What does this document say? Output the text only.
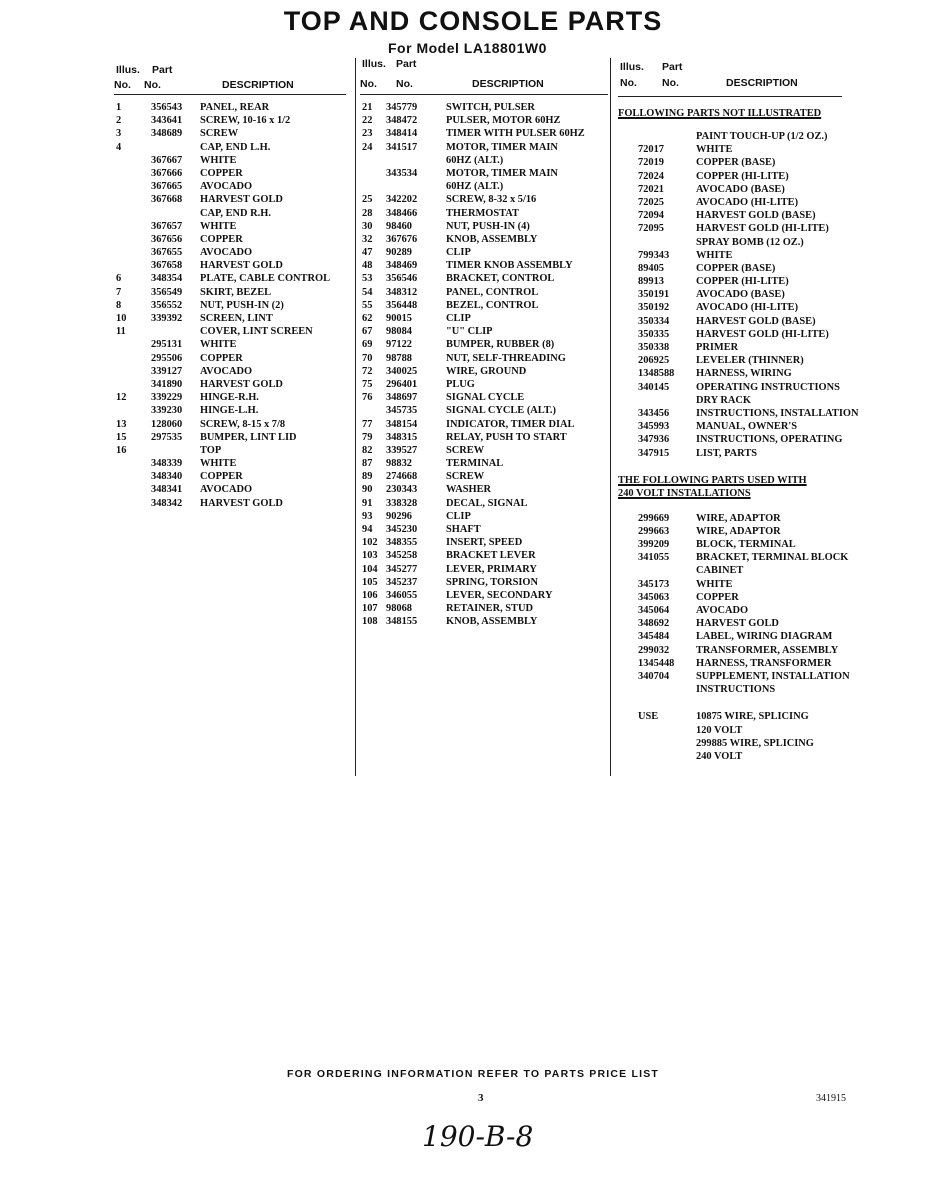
TOP AND CONSOLE PARTS
For Model LA18801W0
Illus. Part
No. No.	DESCRIPTION
1	356543 PANEL, REAR
2	343641 SCREW, 10-16 x 1/2
3	348689 SCREW
4	CAP, END L.H.
367667 WHITE
367666 COPPER
367665 AVOCADO
367668 HARVEST GOLD
CAP, END R.H.
367657 WHITE
367656 COPPER
367655 AVOCADO
367658 HARVEST GOLD
6	348354 PLATE, CABLE CONTROL
7	356549 SKIRT, BEZEL
8	356552 NUT, PUSH-IN (2)
10 339392 SCREEN, LINT
11	COVER, LINT SCREEN
295131 WHITE
295506 COPPER
339127 AVOCADO
341890 HARVEST GOLD
12 339229 HINGE-R.H.
339230 HINGE-L.H.
13 128060 SCREW, 8-15 x 7/8
15 297535 BUMPER, LINT LID
16	TOP
348339 WHITE
348340 COPPER
348341 AVOCADO
348342 HARVEST GOLD
Illus. Part
No. No.	DESCRIPTION
21 345779	SWITCH, PULSER
22 348472	PULSER, MOTOR 60HZ
23 348414	TIMER WITH PULSER 60HZ
24 341517	MOTOR, TIMER MAIN
60HZ (ALT.)
343534	MOTOR, TIMER MAIN
60HZ (ALT.)
25 342202	SCREW, 8-32 x 5/16
28 348466	THERMOSTAT
30 98460	NUT, PUSH-IN (4)
32 367676	KNOB, ASSEMBLY
47 90289	CLIP
48 348469	TIMER KNOB ASSEMBLY
53 356546	BRACKET, CONTROL
54 348312	PANEL, CONTROL
55 356448	BEZEL, CONTROL
62 90015	CLIP
67 98084	"U" CLIP
69 97122	BUMPER, RUBBER (8)
70 98788	NUT, SELF-THREADING
72 340025	WIRE, GROUND
75 296401	PLUG
76 348697	SIGNAL CYCLE
345735	SIGNAL CYCLE (ALT.)
77 348154	INDICATOR, TIMER DIAL
79 348315	RELAY, PUSH TO START
82 339527	SCREW
87 98832	TERMINAL
89 274668	SCREW
90 230343	WASHER
91 338328	DECAL, SIGNAL
93 90296	CLIP
94 345230	SHAFT
102 348355	INSERT, SPEED
103 345258	BRACKET LEVER
104 345277	LEVER, PRIMARY
105 345237	SPRING, TORSION
106 346055	LEVER, SECONDARY
107 98068	RETAINER, STUD
108 348155	KNOB, ASSEMBLY
Illus. Part
No. No.	DESCRIPTION
FOLLOWING PARTS NOT ILLUSTRATED
PAINT TOUCH-UP (1/2 OZ.)
72017	WHITE
72019	COPPER (BASE)
72024	COPPER (HI-LITE)
72021	AVOCADO (BASE)
72025	AVOCADO (HI-LITE)
72094	HARVEST GOLD (BASE)
72095	HARVEST GOLD (HI-LITE)
SPRAY BOMB (12 OZ.)
799343	WHITE
89405	COPPER (BASE)
89913	COPPER (HI-LITE)
350191	AVOCADO (BASE)
350192	AVOCADO (HI-LITE)
350334	HARVEST GOLD (BASE)
350335	HARVEST GOLD (HI-LITE)
350338	PRIMER
206925	LEVELER (THINNER)
1348588 HARNESS, WIRING
340145	OPERATING INSTRUCTIONS
DRY RACK
343456	INSTRUCTIONS, INSTALLATION
345993	MANUAL, OWNER'S
347936	INSTRUCTIONS, OPERATING
347915	LIST, PARTS
THE FOLLOWING PARTS USED WITH
240 VOLT INSTALLATIONS
299669	WIRE, ADAPTOR
299663	WIRE, ADAPTOR
399209	BLOCK, TERMINAL
341055	BRACKET, TERMINAL BLOCK
CABINET
345173	WHITE
345063	COPPER
345064	AVOCADO
348692	HARVEST GOLD
345484	LABEL, WIRING DIAGRAM
299032	TRANSFORMER, ASSEMBLY
1345448 HARNESS, TRANSFORMER
340704	SUPPLEMENT, INSTALLATION
INSTRUCTIONS
USE	10875 WIRE, SPLICING
120 VOLT
299885 WIRE, SPLICING
240 VOLT
FOR ORDERING INFORMATION REFER TO PARTS PRICE LIST
3	341915
190-B-8
